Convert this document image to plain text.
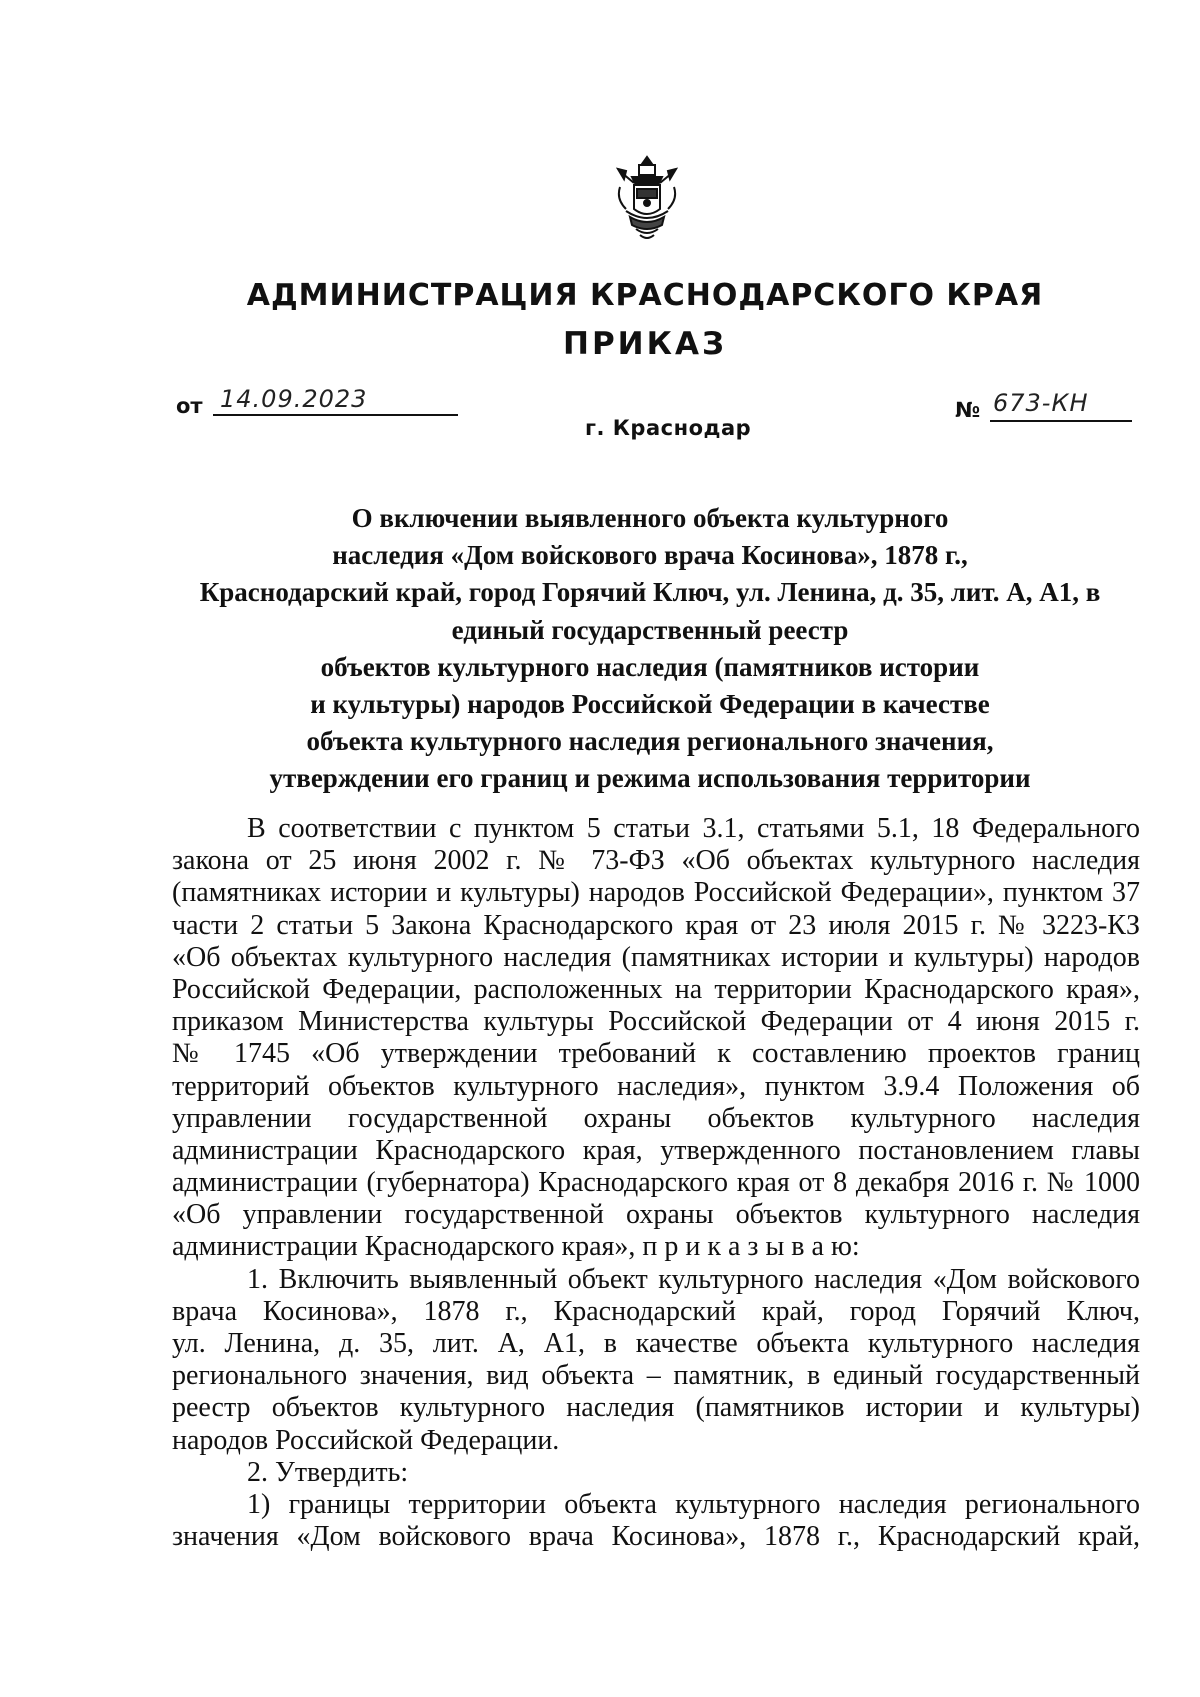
АДМИНИСТРАЦИЯ КРАСНОДАРСКОГО КРАЯ
ПРИКАЗ
от 14.09.2023	№ 673-КН
г. Краснодар
О включении выявленного объекта культурного
наследия «Дом войскового врача Косинова», 1878 г.,
Краснодарский край, город Горячий Ключ, ул. Ленина, д. 35, лит. А, А1, в
единый государственный реестр
объектов культурного наследия (памятников истории
и культуры) народов Российской Федерации в качестве
объекта культурного наследия регионального значения,
утверждении его границ и режима использования территории
В соответствии с пунктом 5 статьи 3.1, статьями 5.1, 18 Федерального
закона от 25 июня 2002 г. № 73-ФЗ «Об объектах культурного наследия
(памятниках истории и культуры) народов Российской Федерации», пунктом 37
части 2 статьи 5 Закона Краснодарского края от 23 июля 2015 г. № 3223-КЗ
«Об объектах культурного наследия (памятниках истории и культуры) народов
Российской Федерации, расположенных на территории Краснодарского края»,
приказом Министерства культуры Российской Федерации от 4 июня 2015 г.
№ 1745 «Об утверждении требований к составлению проектов границ
территорий объектов культурного наследия», пунктом 3.9.4 Положения об
управлении государственной охраны объектов культурного наследия
администрации Краснодарского края, утвержденного постановлением главы
администрации (губернатора) Краснодарского края от 8 декабря 2016 г. № 1000
«Об управлении государственной охраны объектов культурного наследия
администрации Краснодарского края», п р и к а з ы в а ю:
1. Включить выявленный объект культурного наследия «Дом войскового
врача Косинова», 1878 г., Краснодарский край, город Горячий Ключ,
ул. Ленина, д. 35, лит. А, А1, в качестве объекта культурного наследия
регионального значения, вид объекта – памятник, в единый государственный
реестр объектов культурного наследия (памятников истории и культуры)
народов Российской Федерации.
2. Утвердить:
1) границы территории объекта культурного наследия регионального
значения «Дом войскового врача Косинова», 1878 г., Краснодарский край,
